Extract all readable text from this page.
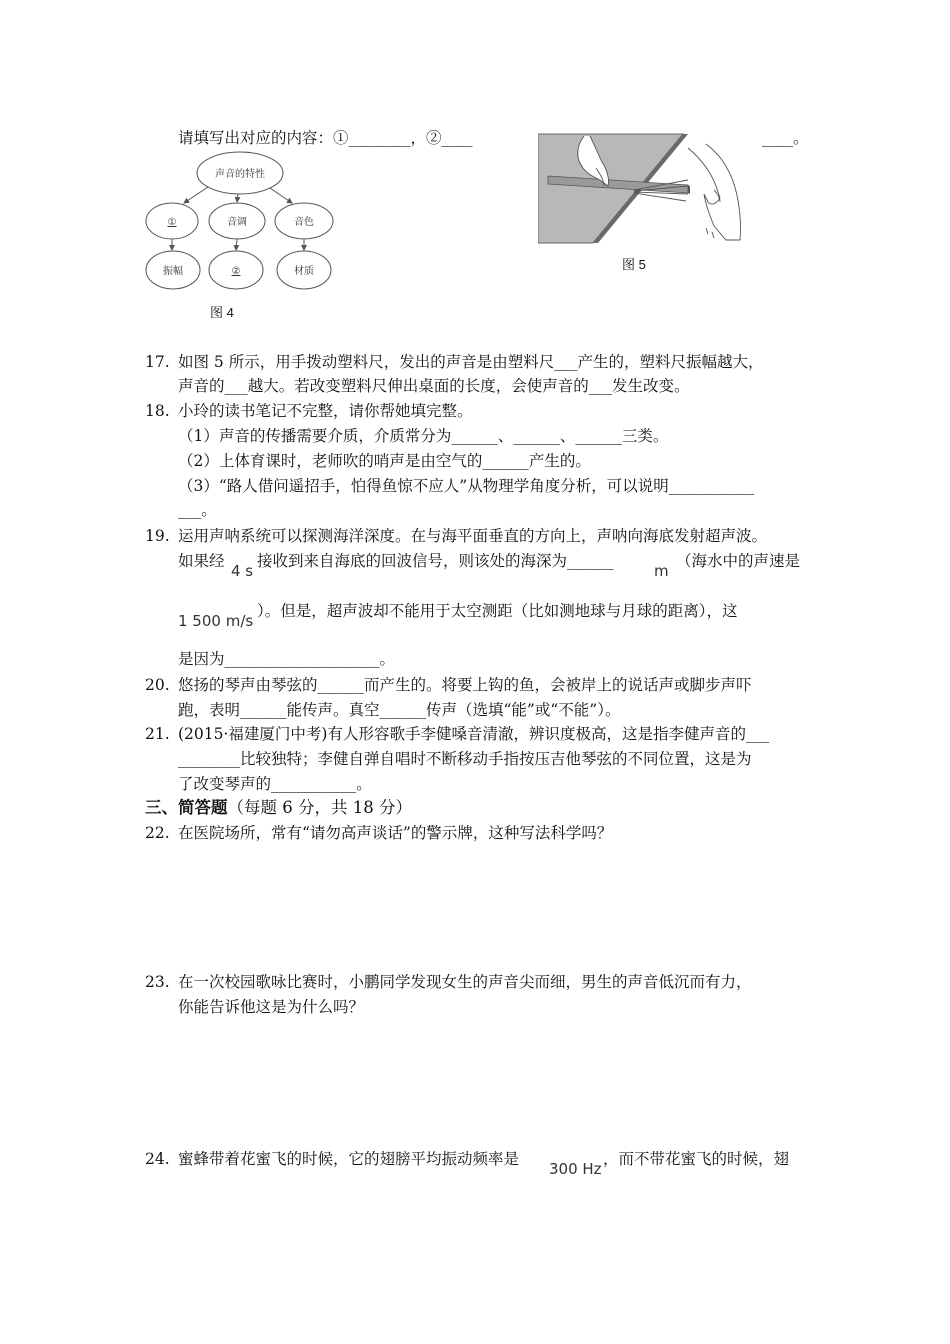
请填写出对应的内容：①________，②____	____。
声音的特性
①	音调	音色
振幅	②	材质
图 4
图 5
17. 如图 5 所示，用手拨动塑料尺，发出的声音是由塑料尺___产生的，塑料尺振幅越大，
声音的___越大。若改变塑料尺伸出桌面的长度，会使声音的___发生改变。
18. 小玲的读书笔记不完整，请你帮她填完整。
（1）声音的传播需要介质，介质常分为______、______、______三类。
（2）上体育课时，老师吹的哨声是由空气的______产生的。
（3）“路人借问遥招手，怕得鱼惊不应人”从物理学角度分析，可以说明___________
___。
19. 运用声呐系统可以探测海洋深度。在与海平面垂直的方向上，声呐向海底发射超声波。
如果经
4 s
接收到来自海底的回波信号，则该处的海深为______
m
（海水中的声速是
1 500 m/s
）。但是，超声波却不能用于太空测距（比如测地球与月球的距离），这
是因为____________________。
20. 悠扬的琴声由琴弦的______而产生的。将要上钩的鱼，会被岸上的说话声或脚步声吓
跑，表明______能传声。真空______传声（选填“能”或“不能”）。
21. (2015·福建厦门中考)有人形容歌手李健嗓音清澈，辨识度极高，这是指李健声音的___
________比较独特；李健自弹自唱时不断移动手指按压吉他琴弦的不同位置，这是为
了改变琴声的___________。
三、简答题（每题 6 分，共 18 分）
22. 在医院场所，常有“请勿高声谈话”的警示牌，这种写法科学吗？
23. 在一次校园歌咏比赛时，小鹏同学发现女生的声音尖而细，男生的声音低沉而有力，
你能告诉他这是为什么吗？
24. 蜜蜂带着花蜜飞的时候，它的翅膀平均振动频率是
300 Hz
，而不带花蜜飞的时候，翅
